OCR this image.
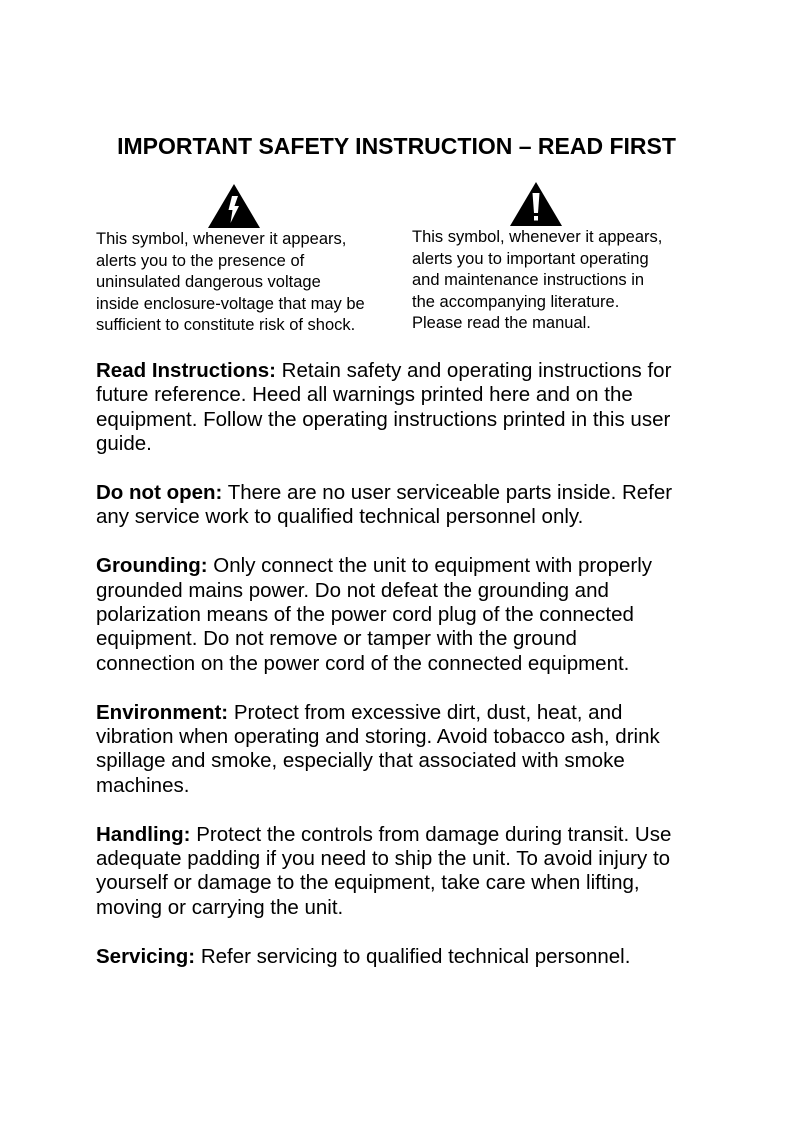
IMPORTANT SAFETY INSTRUCTION – READ FIRST
This symbol, whenever it appears,
alerts you to the presence of
uninsulated dangerous voltage
inside enclosure-voltage that may be
sufficient to constitute risk of shock.
This symbol, whenever it appears,
alerts you to important operating
and maintenance instructions in
the accompanying literature.
Please read the manual.
Read Instructions: Retain safety and operating instructions for
future reference. Heed all warnings printed here and on the
equipment. Follow the operating instructions printed in this user
guide.
Do not open: There are no user serviceable parts inside. Refer
any service work to qualified technical personnel only.
Grounding: Only connect the unit to equipment with properly
grounded mains power. Do not defeat the grounding and
polarization means of the power cord plug of the connected
equipment. Do not remove or tamper with the ground
connection on the power cord of the connected equipment.
Environment: Protect from excessive dirt, dust, heat, and
vibration when operating and storing. Avoid tobacco ash, drink
spillage and smoke, especially that associated with smoke
machines.
Handling: Protect the controls from damage during transit. Use
adequate padding if you need to ship the unit. To avoid injury to
yourself or damage to the equipment, take care when lifting,
moving or carrying the unit.
Servicing: Refer servicing to qualified technical personnel.
